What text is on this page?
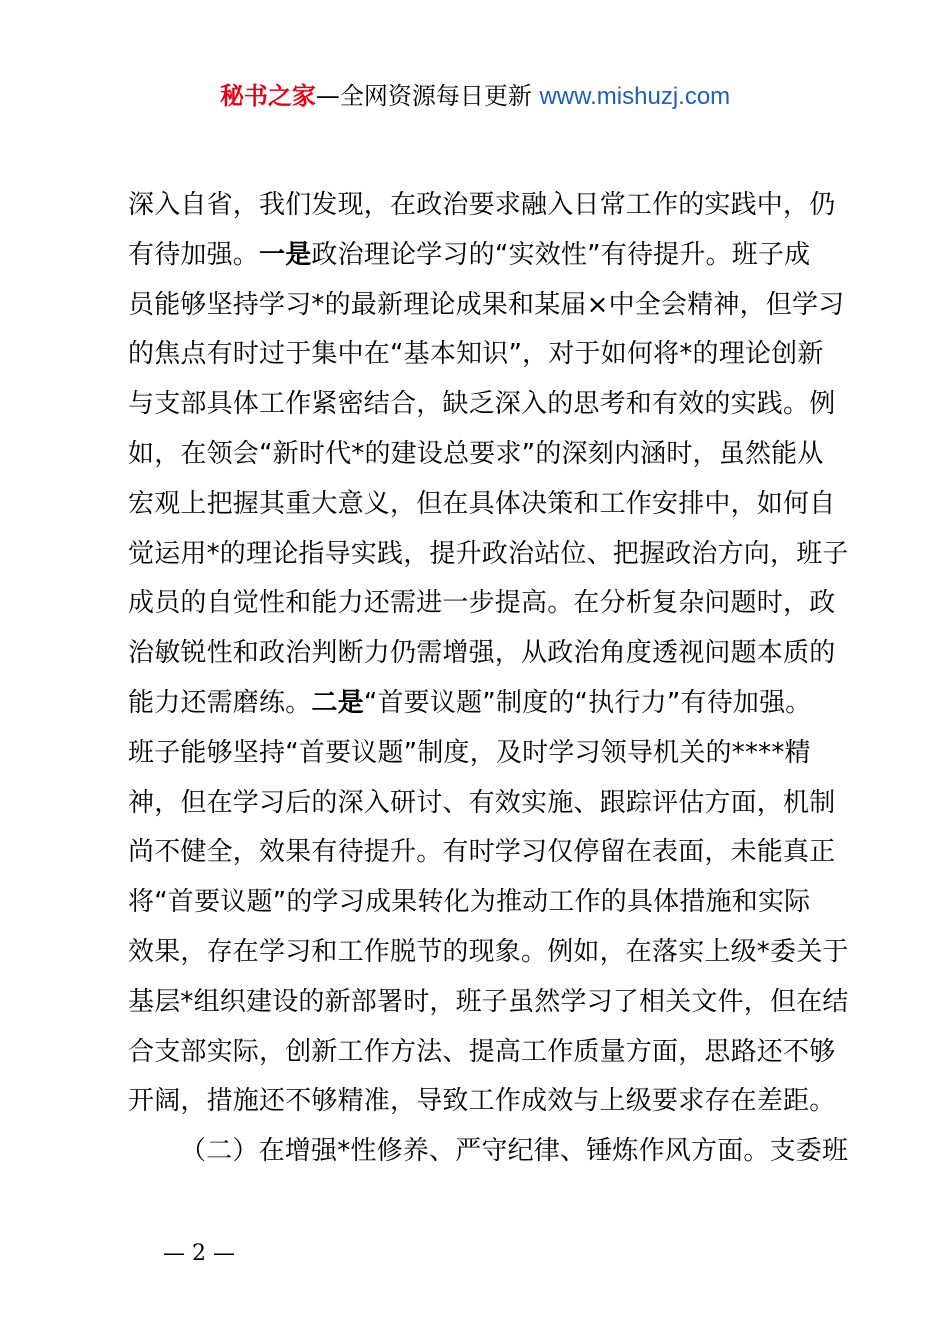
秘书之家—全网资源每日更新 www.mishuzj.com
深入自省，我们发现，在政治要求融入日常工作的实践中，仍
有待加强。一是政治理论学习的“实效性”有待提升。班子成
员能够坚持学习*的最新理论成果和某届×中全会精神，但学习
的焦点有时过于集中在“基本知识”，对于如何将*的理论创新
与支部具体工作紧密结合，缺乏深入的思考和有效的实践。例
如，在领会“新时代*的建设总要求”的深刻内涵时，虽然能从
宏观上把握其重大意义，但在具体决策和工作安排中，如何自
觉运用*的理论指导实践，提升政治站位、把握政治方向，班子
成员的自觉性和能力还需进一步提高。在分析复杂问题时，政
治敏锐性和政治判断力仍需增强，从政治角度透视问题本质的
能力还需磨练。二是“首要议题”制度的“执行力”有待加强。
班子能够坚持“首要议题”制度，及时学习领导机关的****精
神，但在学习后的深入研讨、有效实施、跟踪评估方面，机制
尚不健全，效果有待提升。有时学习仅停留在表面，未能真正
将“首要议题”的学习成果转化为推动工作的具体措施和实际
效果，存在学习和工作脱节的现象。例如，在落实上级*委关于
基层*组织建设的新部署时，班子虽然学习了相关文件，但在结
合支部实际，创新工作方法、提高工作质量方面，思路还不够
开阔，措施还不够精准，导致工作成效与上级要求存在差距。
（二）在增强*性修养、严守纪律、锤炼作风方面。支委班
— 2 —
